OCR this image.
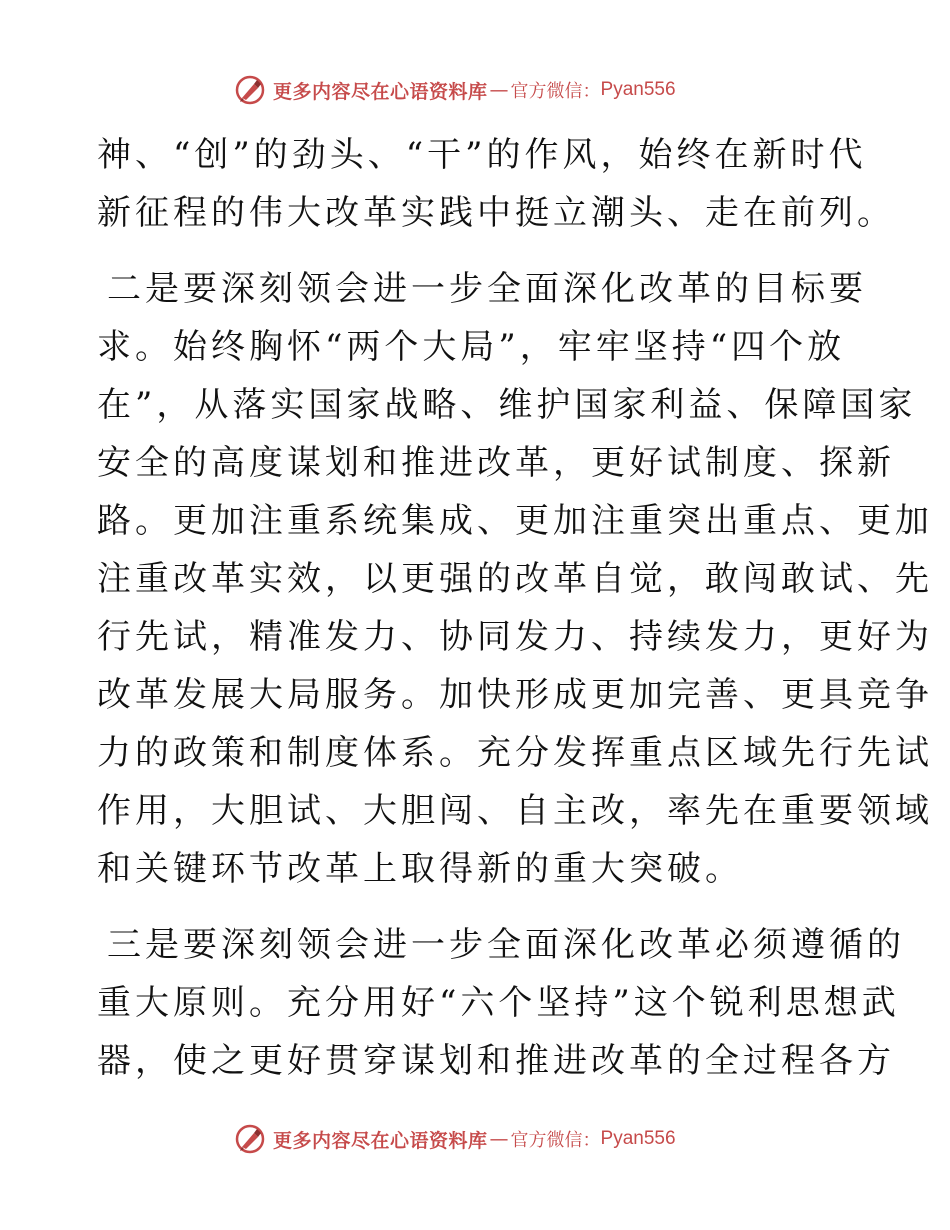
更多内容尽在心语资料库 — 官方微信： Pyan556

神、“创”的劲头、“干”的作风，始终在新时代
新征程的伟大改革实践中挺立潮头、走在前列。

二是要深刻领会进一步全面深化改革的目标要
求。始终胸怀“两个大局”，牢牢坚持“四个放
在”，从落实国家战略、维护国家利益、保障国家
安全的高度谋划和推进改革，更好试制度、探新
路。更加注重系统集成、更加注重突出重点、更加
注重改革实效，以更强的改革自觉，敢闯敢试、先
行先试，精准发力、协同发力、持续发力，更好为
改革发展大局服务。加快形成更加完善、更具竞争
力的政策和制度体系。充分发挥重点区域先行先试
作用，大胆试、大胆闯、自主改，率先在重要领域
和关键环节改革上取得新的重大突破。

三是要深刻领会进一步全面深化改革必须遵循的
重大原则。充分用好“六个坚持”这个锐利思想武
器，使之更好贯穿谋划和推进改革的全过程各方

更多内容尽在心语资料库 — 官方微信： Pyan556
